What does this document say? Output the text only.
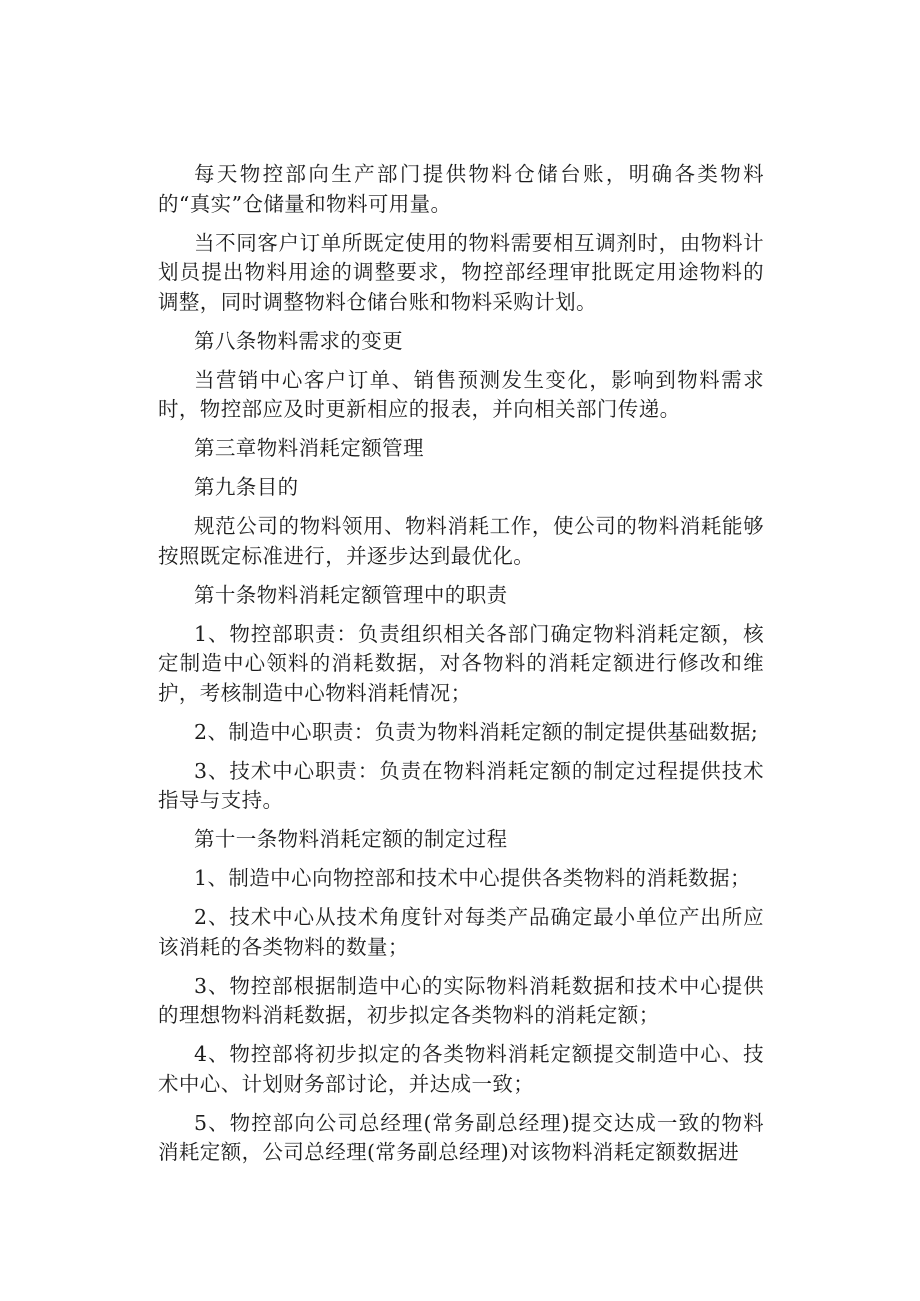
每天物控部向生产部门提供物料仓储台账，明确各类物料的“真实”仓储量和物料可用量。

当不同客户订单所既定使用的物料需要相互调剂时，由物料计划员提出物料用途的调整要求，物控部经理审批既定用途物料的调整，同时调整物料仓储台账和物料采购计划。

第八条物料需求的变更

当营销中心客户订单、销售预测发生变化，影响到物料需求时，物控部应及时更新相应的报表，并向相关部门传递。

第三章物料消耗定额管理

第九条目的

规范公司的物料领用、物料消耗工作，使公司的物料消耗能够按照既定标准进行，并逐步达到最优化。

第十条物料消耗定额管理中的职责

1、物控部职责：负责组织相关各部门确定物料消耗定额，核定制造中心领料的消耗数据，对各物料的消耗定额进行修改和维护，考核制造中心物料消耗情况；

2、制造中心职责：负责为物料消耗定额的制定提供基础数据;

3、技术中心职责：负责在物料消耗定额的制定过程提供技术指导与支持。

第十一条物料消耗定额的制定过程

1、制造中心向物控部和技术中心提供各类物料的消耗数据；

2、技术中心从技术角度针对每类产品确定最小单位产出所应该消耗的各类物料的数量；

3、物控部根据制造中心的实际物料消耗数据和技术中心提供的理想物料消耗数据，初步拟定各类物料的消耗定额；

4、物控部将初步拟定的各类物料消耗定额提交制造中心、技术中心、计划财务部讨论，并达成一致；

5、物控部向公司总经理(常务副总经理)提交达成一致的物料消耗定额，公司总经理(常务副总经理)对该物料消耗定额数据进
